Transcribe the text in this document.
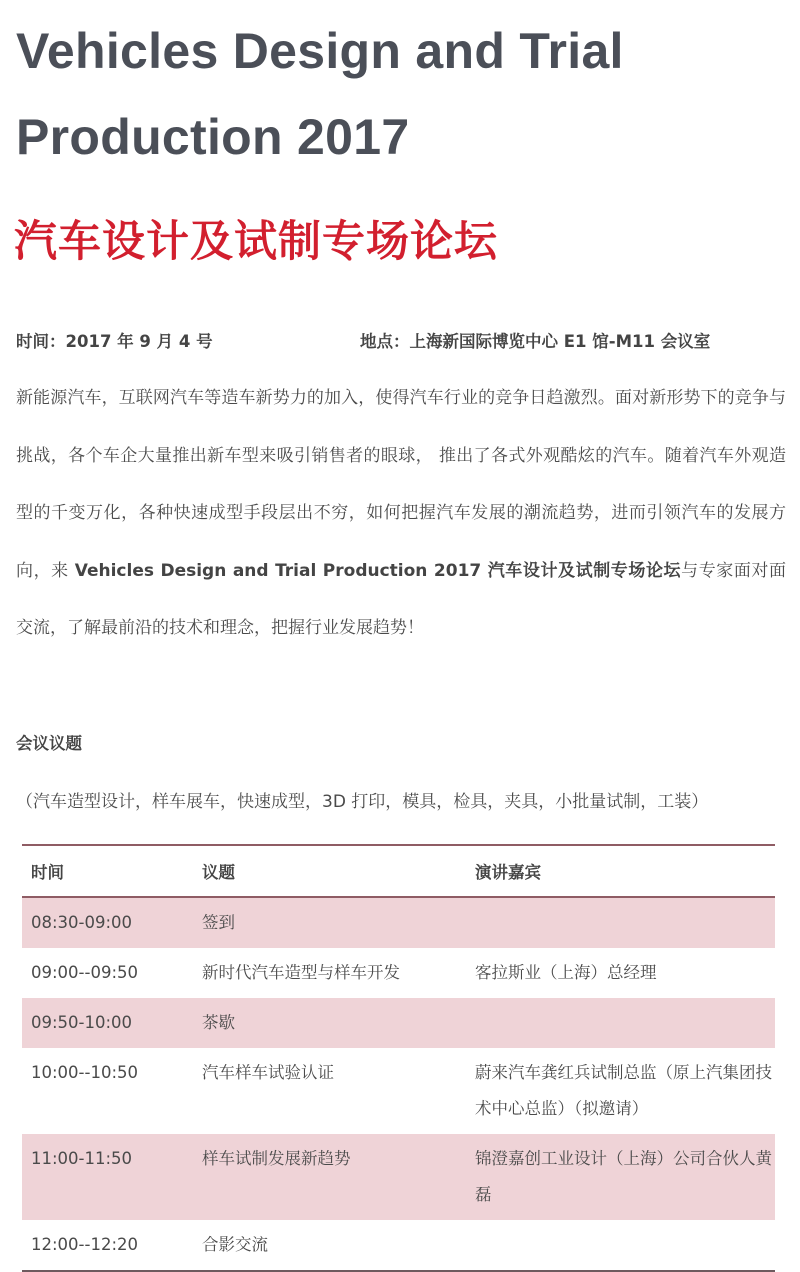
Vehicles Design and Trial Production 2017
汽车设计及试制专场论坛
时间：2017 年 9 月 4 号	地点：上海新国际博览中心 E1 馆-M11 会议室
新能源汽车，互联网汽车等造车新势力的加入，使得汽车行业的竞争日趋激烈。面对新形势下的竞争与挑战，各个车企大量推出新车型来吸引销售者的眼球， 推出了各式外观酷炫的汽车。随着汽车外观造型的千变万化，各种快速成型手段层出不穷，如何把握汽车发展的潮流趋势，进而引领汽车的发展方向，来 Vehicles Design and Trial Production 2017 汽车设计及试制专场论坛与专家面对面交流，了解最前沿的技术和理念，把握行业发展趋势！
会议议题
（汽车造型设计，样车展车，快速成型，3D 打印，模具，检具，夹具，小批量试制，工装）
时间	议题	演讲嘉宾
08:30-09:00	签到	
09:00--09:50	新时代汽车造型与样车开发	客拉斯业（上海）总经理
09:50-10:00	茶歇	
10:00--10:50	汽车样车试验认证	蔚来汽车龚红兵试制总监（原上汽集团技术中心总监）（拟邀请）
11:00-11:50	样车试制发展新趋势	锦澄嘉创工业设计（上海）公司合伙人黄磊
12:00--12:20	合影交流	
